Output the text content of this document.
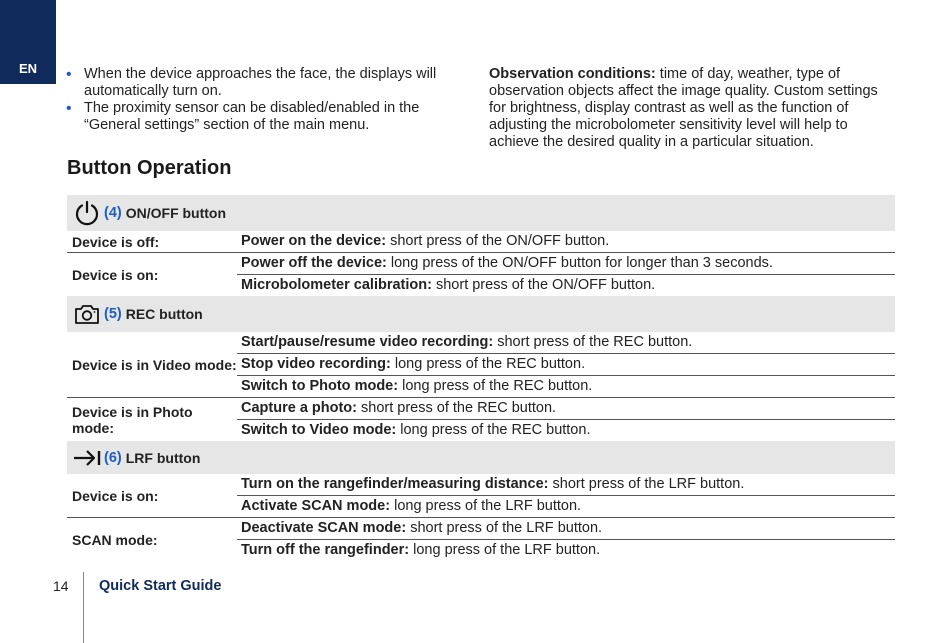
EN • When the device approaches the face, the displays will automatically turn on.
• The proximity sensor can be disabled/enabled in the “General settings” section of the main menu.
Observation conditions: time of day, weather, type of observation objects affect the image quality. Custom settings for brightness, display contrast as well as the function of adjusting the microbolometer sensitivity level will help to achieve the desired quality in a particular situation.
Button Operation
(4) ON/OFF button
Device is off:	Power on the device: short press of the ON/OFF button.
Device is on:
Power off the device: long press of the ON/OFF button for longer than 3 seconds.
Microbolometer calibration: short press of the ON/OFF button.
(5) REC button
Device is in Video mode:
Start/pause/resume video recording: short press of the REC button.
Stop video recording: long press of the REC button.
Switch to Photo mode: long press of the REC button.
Device is in Photo mode:
Capture a photo: short press of the REC button.
Switch to Video mode: long press of the REC button.
(6) LRF button
Device is on:
Turn on the rangefinder/measuring distance: short press of the LRF button.
Activate SCAN mode: long press of the LRF button.
SCAN mode:
Deactivate SCAN mode: short press of the LRF button.
Turn off the rangefinder: long press of the LRF button.
14 Quick Start Guide
